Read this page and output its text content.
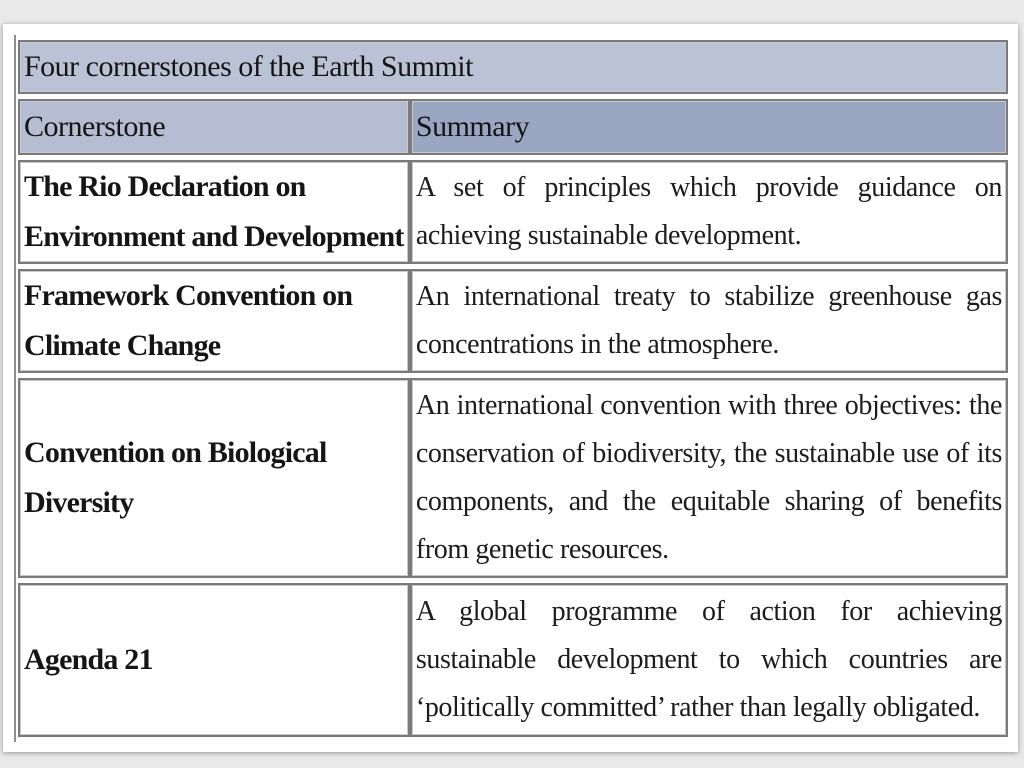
Four cornerstones of the Earth Summit	
Cornerstone	Summary
The Rio Declaration on Environment and Development	A set of principles which provide guidance on achieving sustainable development.
Framework Convention on Climate Change	An international treaty to stabilize greenhouse gas concentrations in the atmosphere.
Convention on Biological Diversity	An international convention with three objectives: the conservation of biodiversity, the sustainable use of its components, and the equitable sharing of benefits from genetic resources.
Agenda 21	A global programme of action for achieving sustainable development to which countries are ‘politically committed’ rather than legally obligated.
